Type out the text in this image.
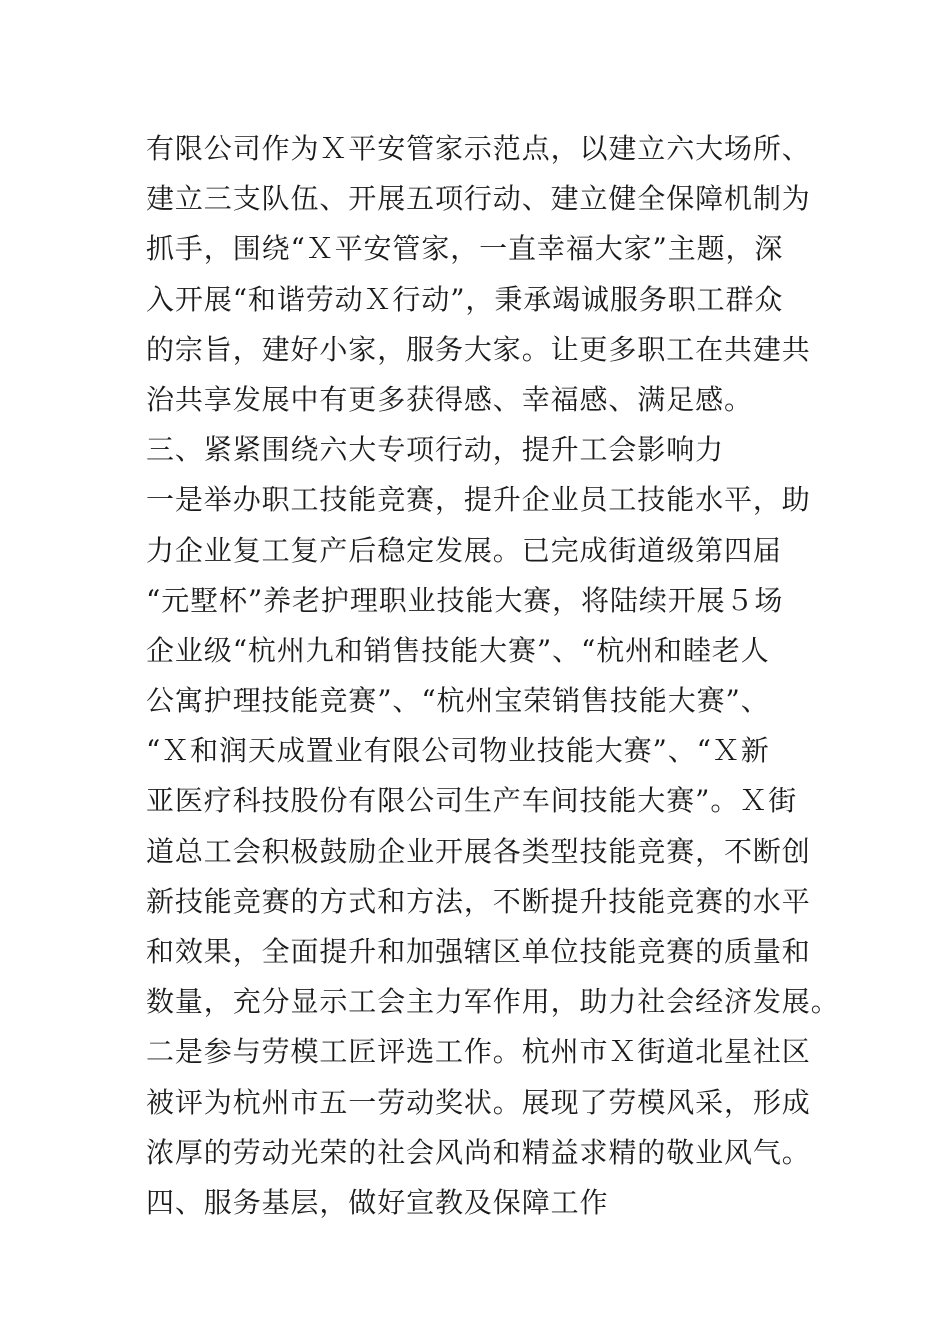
有限公司作为Ｘ平安管家示范点，以建立六大场所、
建立三支队伍、开展五项行动、建立健全保障机制为
抓手，围绕“Ｘ平安管家，一直幸福大家”主题，深
入开展“和谐劳动Ｘ行动”，秉承竭诚服务职工群众
的宗旨，建好小家，服务大家。让更多职工在共建共
治共享发展中有更多获得感、幸福感、满足感。
三、紧紧围绕六大专项行动，提升工会影响力
一是举办职工技能竞赛，提升企业员工技能水平，助
力企业复工复产后稳定发展。已完成街道级第四届
“元墅杯”养老护理职业技能大赛，将陆续开展５场
企业级“杭州九和销售技能大赛”、“杭州和睦老人
公寓护理技能竞赛”、“杭州宝荣销售技能大赛”、
“Ｘ和润天成置业有限公司物业技能大赛”、“Ｘ新
亚医疗科技股份有限公司生产车间技能大赛”。Ｘ街
道总工会积极鼓励企业开展各类型技能竞赛，不断创
新技能竞赛的方式和方法，不断提升技能竞赛的水平
和效果，全面提升和加强辖区单位技能竞赛的质量和
数量，充分显示工会主力军作用，助力社会经济发展。
二是参与劳模工匠评选工作。杭州市Ｘ街道北星社区
被评为杭州市五一劳动奖状。展现了劳模风采，形成
浓厚的劳动光荣的社会风尚和精益求精的敬业风气。
四、服务基层，做好宣教及保障工作
